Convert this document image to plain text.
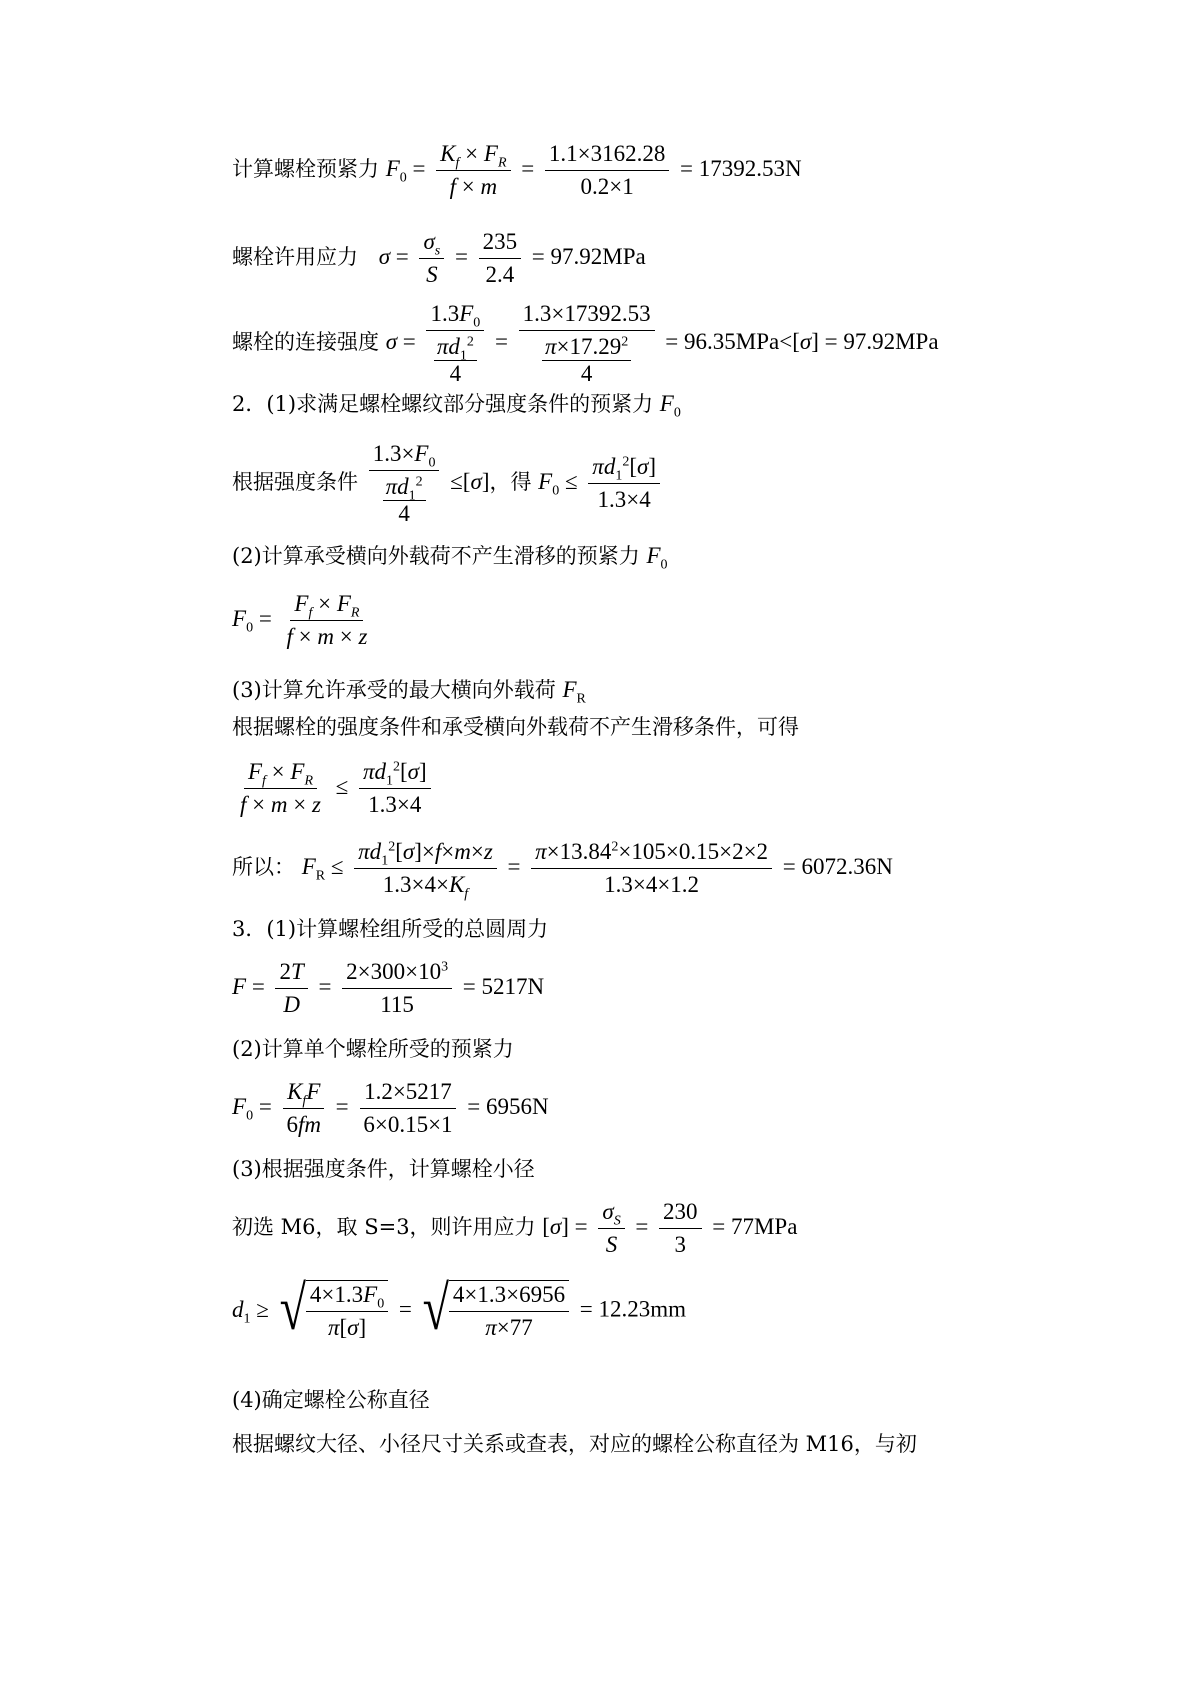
计算螺栓预紧力 $F_0 = \frac{K_f \times F_R}{f \times m} = \frac{1.1\times 3162.28}{0.2\times 1} = 17392.53N$
螺栓许用应力 $\sigma = \frac{\sigma_s}{S} = \frac{235}{2.4} = 97.92MPa$
螺栓的连接强度 $\sigma = \frac{1.3F_0}{\frac{\pi d_1^2}{4}} = \frac{1.3\times 17392.53}{\frac{\pi\times 17.29^2}{4}} = 96.35MPa<[\sigma] = 97.92MPa$
2．(1)求满足螺栓螺纹部分强度条件的预紧力 $F_0$
根据强度条件 $\frac{1.3\times F_0}{\frac{\pi d_1^2}{4}} \le[\sigma]$，得 $F_0 \le \frac{\pi d_1^2[\sigma]}{1.3\times 4}$
(2)计算承受横向外载荷不产生滑移的预紧力 $F_0$
$F_0 = \frac{F_f \times F_R}{f \times m \times z}$
(3)计算允许承受的最大横向外载荷 $F_R$
根据螺栓的强度条件和承受横向外载荷不产生滑移条件，可得
$\frac{F_f \times F_R}{f \times m \times z} \le \frac{\pi d_1^2[\sigma]}{1.3\times 4}$
所以： $F_R \le \frac{\pi d_1^2[\sigma]\times f\times m\times z}{1.3\times 4\times K_f} = \frac{\pi\times 13.84^2\times 105\times 0.15\times 2\times 2}{1.3\times 4\times 1.2} = 6072.36N$
3．(1)计算螺栓组所受的总圆周力
$F = \frac{2T}{D} = \frac{2\times 300\times 10^3}{115} = 5217N$
(2)计算单个螺栓所受的预紧力
$F_0$ =
$K_fF$
6fm
= $\frac{1.2\times 5217}{6\times 0.15\times 1} = 6956N$
(3)根据强度条件，计算螺栓小径
初选 M6，取 S=3，则许用应力 $[\sigma] = \frac{\sigma_S}{S} = \frac{230}{3} = 77MPa$
$d_1$ ≥ √ $4\times 1.3F_0$
π[σ]
= √ 4×1.3×6956
π×77
= 12.23mm
(4)确定螺栓公称直径
根据螺纹大径、小径尺寸关系或查表，对应的螺栓公称直径为 M16，与初
